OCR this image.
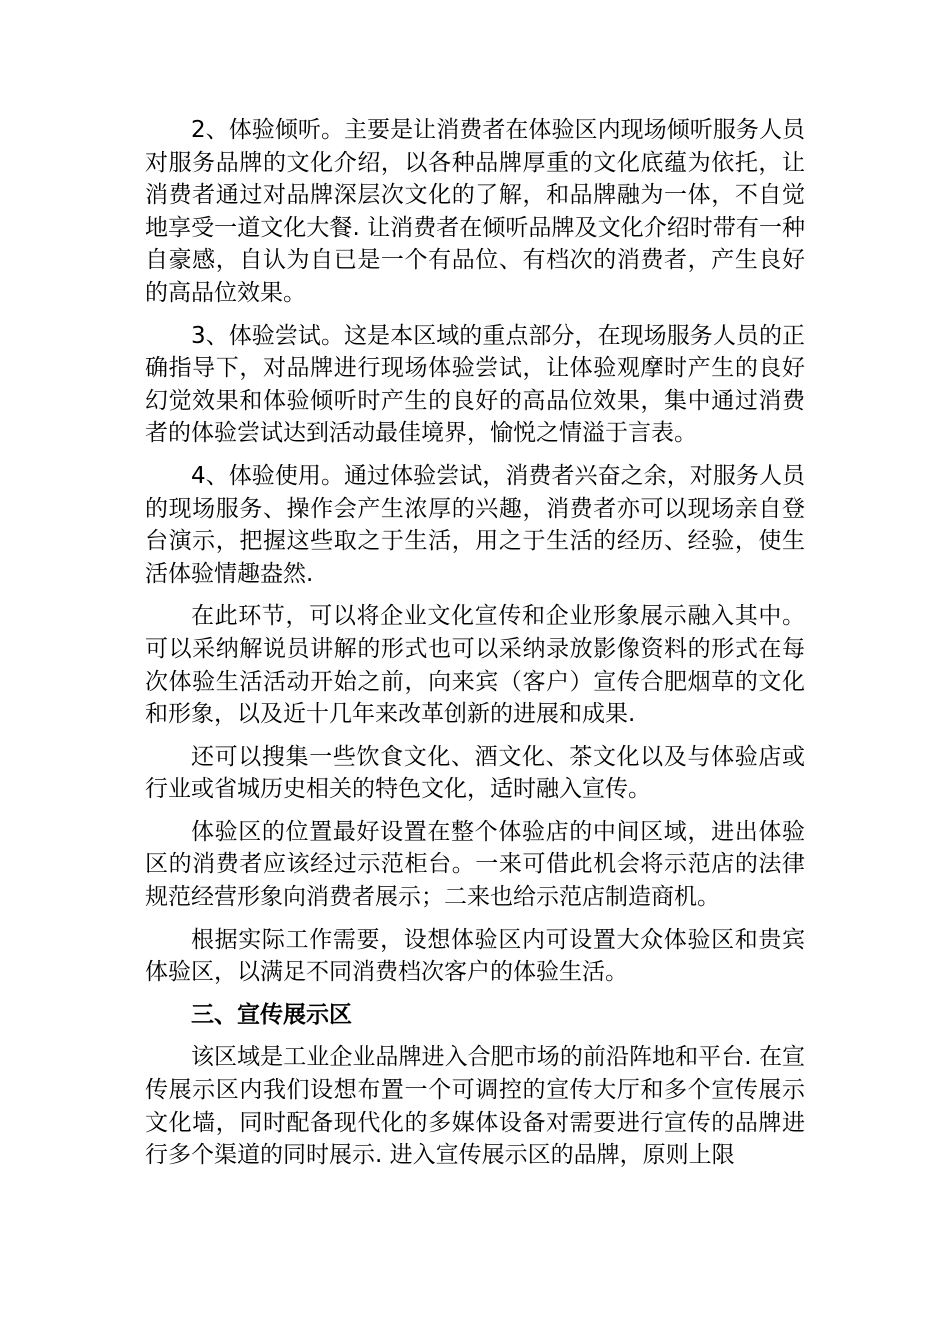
2、体验倾听。主要是让消费者在体验区内现场倾听服务人员对服务品牌的文化介绍，以各种品牌厚重的文化底蕴为依托，让消费者通过对品牌深层次文化的了解，和品牌融为一体，不自觉地享受一道文化大餐. 让消费者在倾听品牌及文化介绍时带有一种自豪感，自认为自已是一个有品位、有档次的消费者，产生良好的高品位效果。

3、体验尝试。这是本区域的重点部分，在现场服务人员的正确指导下，对品牌进行现场体验尝试，让体验观摩时产生的良好幻觉效果和体验倾听时产生的良好的高品位效果，集中通过消费者的体验尝试达到活动最佳境界，愉悦之情溢于言表。

4、体验使用。通过体验尝试，消费者兴奋之余，对服务人员的现场服务、操作会产生浓厚的兴趣，消费者亦可以现场亲自登台演示，把握这些取之于生活，用之于生活的经历、经验，使生活体验情趣盎然.

在此环节，可以将企业文化宣传和企业形象展示融入其中。可以采纳解说员讲解的形式也可以采纳录放影像资料的形式在每次体验生活活动开始之前，向来宾（客户）宣传合肥烟草的文化和形象，以及近十几年来改革创新的进展和成果.

还可以搜集一些饮食文化、酒文化、茶文化以及与体验店或行业或省城历史相关的特色文化，适时融入宣传。

体验区的位置最好设置在整个体验店的中间区域，进出体验区的消费者应该经过示范柜台。一来可借此机会将示范店的法律规范经营形象向消费者展示；二来也给示范店制造商机。

根据实际工作需要，设想体验区内可设置大众体验区和贵宾体验区，以满足不同消费档次客户的体验生活。

三、宣传展示区

该区域是工业企业品牌进入合肥市场的前沿阵地和平台. 在宣传展示区内我们设想布置一个可调控的宣传大厅和多个宣传展示文化墙，同时配备现代化的多媒体设备对需要进行宣传的品牌进行多个渠道的同时展示. 进入宣传展示区的品牌，原则上限
